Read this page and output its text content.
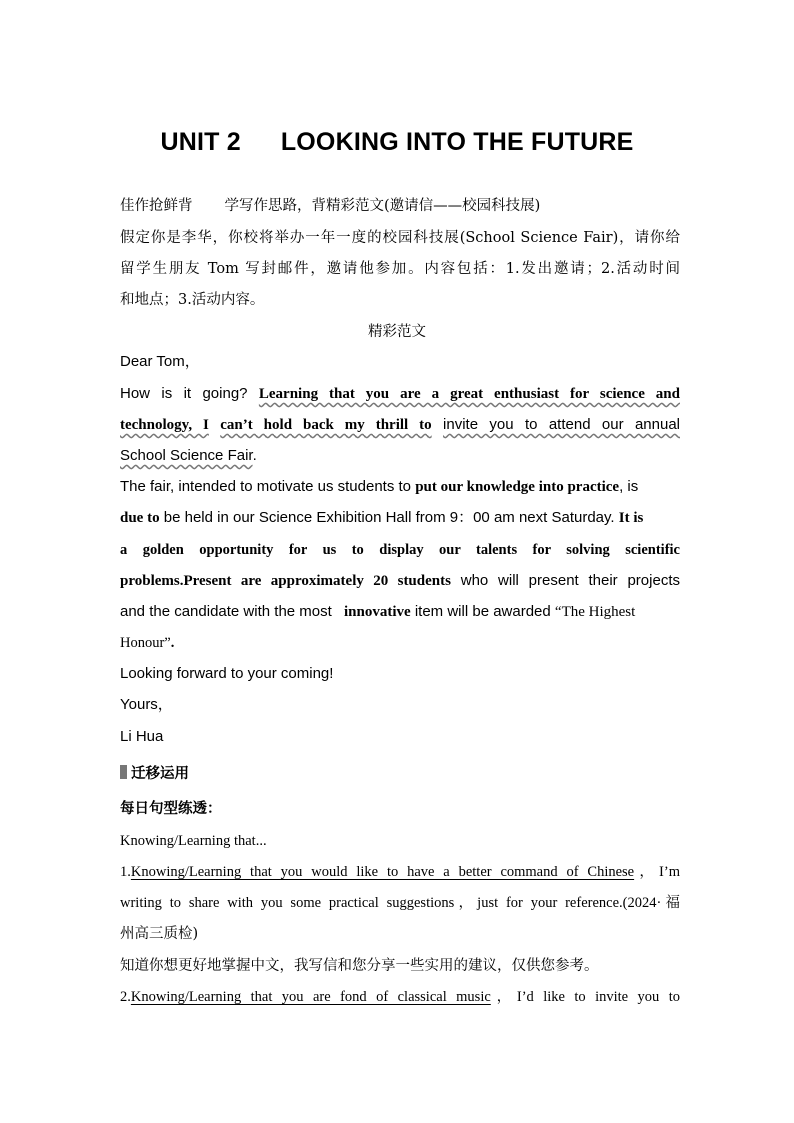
UNIT 2 LOOKING INTO THE FUTURE
佳作抢鲜背 学写作思路，背精彩范文(邀请信——校园科技展)
假定你是李华，你校将举办一年一度的校园科技展(School Science Fair)，请你给
留学生朋友 Tom 写封邮件，邀请他参加。内容包括：1.发出邀请；2.活动时间
和地点；3.活动内容。
精彩范文
Dear Tom，
How is it going? Learning that you are a great enthusiast for science and
technology, I can’t hold back my thrill to invite you to attend our annual
School Science Fair.
The fair, intended to motivate us students to put our knowledge into practice, is
due to be held in our Science Exhibition Hall from 9：00 am next Saturday. It is
a golden opportunity for us to display our talents for solving scientific
problems.Present are approximately 20 students who will present their projects
and the candidate with the most innovative item will be awarded “The Highest
Honour”.
Looking forward to your coming!
Yours，
Li Hua
迁移运用
每日句型练透：
Knowing/Learning that...
1.Knowing/Learning that you would like to have a better command of Chinese，I’m
writing to share with you some practical suggestions，just for your reference.(2024·福
州高三质检)
知道你想更好地掌握中文，我写信和您分享一些实用的建议，仅供您参考。
2.Knowing/Learning that you are fond of classical music，I’d like to invite you to
